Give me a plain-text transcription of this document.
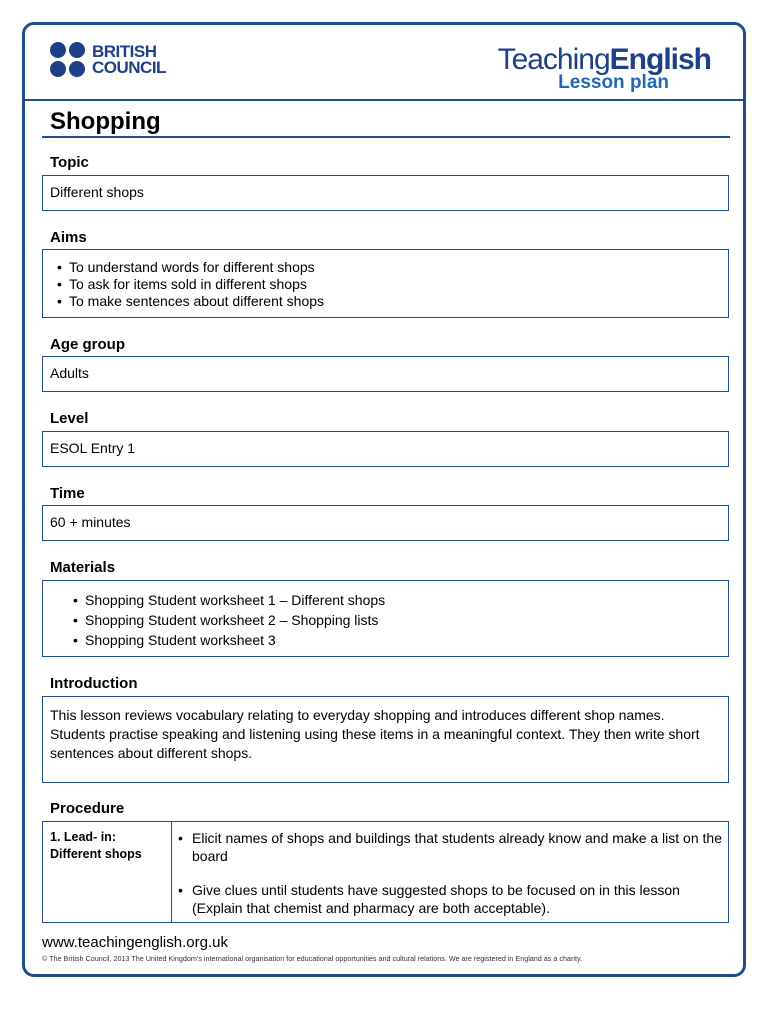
BRITISH
COUNCIL	TeachingEnglish
Lesson plan
Shopping
Topic
Different shops
Aims
• To understand words for different shops
• To ask for items sold in different shops
• To make sentences about different shops
Age group
Adults
Level
ESOL Entry 1
Time
60 + minutes
Materials
• Shopping Student worksheet 1 – Different shops
• Shopping Student worksheet 2 – Shopping lists
• Shopping Student worksheet 3
Introduction
This lesson reviews vocabulary relating to everyday shopping and introduces different shop names. Students practise speaking and listening using these items in a meaningful context. They then write short sentences about different shops.
Procedure
1. Lead- in:
Different shops
• Elicit names of shops and buildings that students already know and make a list on the board
• Give clues until students have suggested shops to be focused on in this lesson (Explain that chemist and pharmacy are both acceptable).
www.teachingenglish.org.uk
© The British Council, 2013 The United Kingdom’s international organisation for educational opportunities and cultural relations. We are registered in England as a charity.
